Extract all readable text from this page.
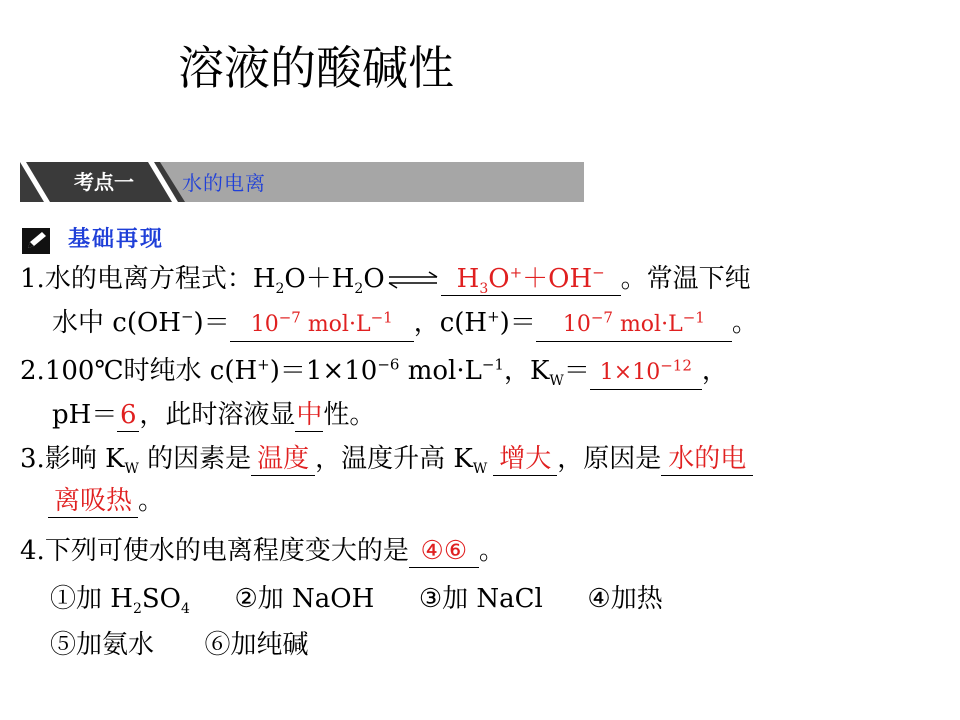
溶液的酸碱性
考点一 水的电离
基础再现
1.水的电离方程式：$H_2O+H_2O\rightleftharpoons$ $H_3O^++OH^-$ 。常温下纯
水中 $c(OH^-)= 10^{-7}$ $mol\cdot L^{-1}$ ，$c(H^+)= 10^{-7}$ $mol\cdot L^{-1}$ 。
2.100℃时纯水 $c(H^+)=1\times 10^{-6}$ $mol\cdot L^{-1}$，$K_W= 1\times 10^{-12}$ ，
pH＝ 6 ，此时溶液显中性。
3.影响 $K_W$ 的因素是 温度 ，温度升高 $K_W$ 增大 ，原因是 水的电
离吸热 。
4.下列可使水的电离程度变大的是 ④⑥ 。
①加 $H_2SO_4$ ②加 NaOH ③加 NaCl ④加热
⑤加氨水 ⑥加纯碱
